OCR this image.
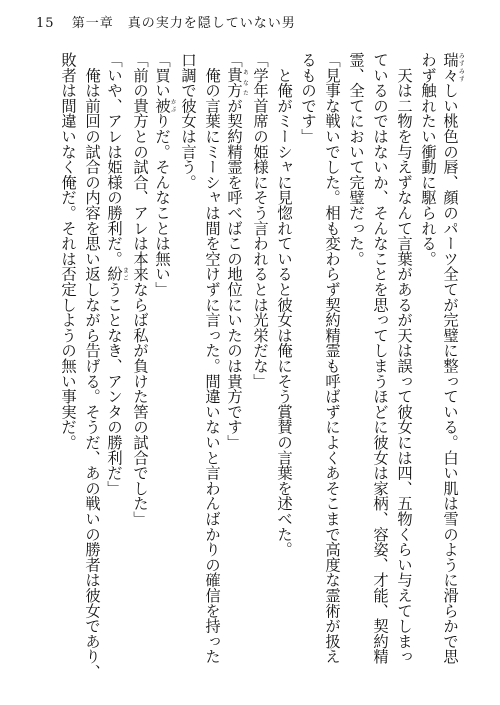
15 第一章　真の実力を隠していない男
瑞々みずみずしい桃色の唇、顔のパーツ全てが完璧に整っている。白い肌は雪のように滑らかで思
わず触れたい衝動に駆られる。
　天は二物を与えずなんて言葉があるが天は誤って彼女には四、五物くらい与えてしまっ
ているのではないか、そんなことを思ってしまうほどに彼女は家柄、容姿、才能、契約精
霊、全てにおいて完璧だった。
「見事な戦いでした。相も変わらず契約精霊も呼ばずによくあそこまで高度な霊術が扱え
るものです」
　と俺がミーシャに見惚れていると彼女は俺にそう賞賛の言葉を述べた。
「学年首席の姫様にそう言われるとは光栄だな」
「貴方あなたが契約精霊を呼べばこの地位にいたのは貴方です」
　俺の言葉にミーシャは間を空けずに言った。間違いないと言わんばかりの確信を持った
口調で彼女は言う。
「買い被かぶりだ。そんなことは無い」
「前の貴方との試合、アレは本来ならば私が負けた筈の試合でした」
「いや、アレは姫様の勝利だ。紛まごうことなき、アンタの勝利だ」
　俺は前回の試合の内容を思い返しながら告げる。そうだ、あの戦いの勝者は彼女であり、
敗者は間違いなく俺だ。それは否定しようの無い事実だ。
